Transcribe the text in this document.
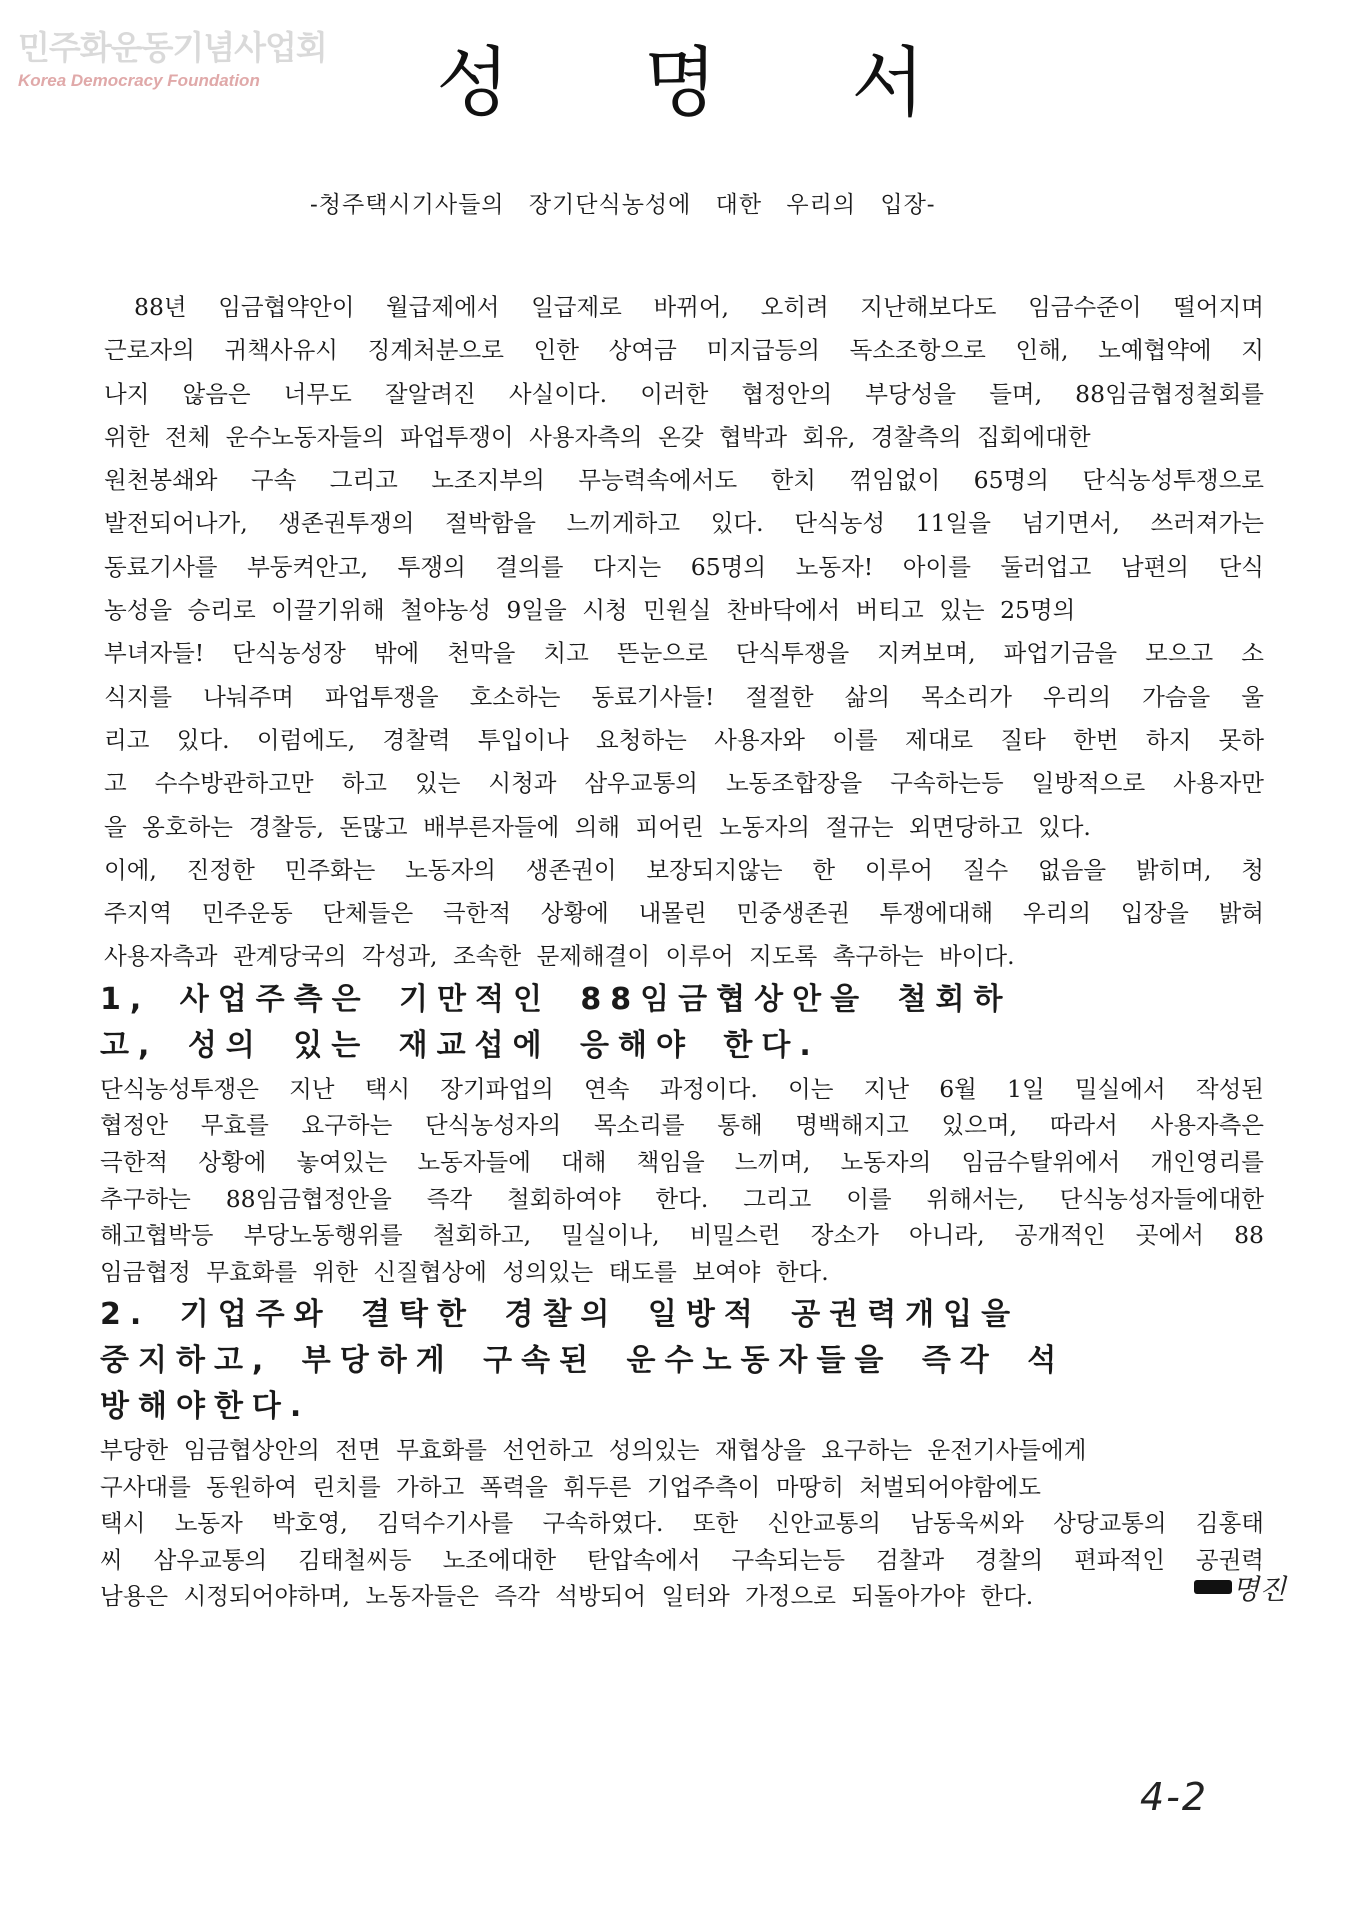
민주화운동기념사업회
Korea Democracy Foundation	성 명 서
-청주택시기사들의 장기단식농성에 대한 우리의 입장-
88년 임금협약안이 월급제에서 일급제로 바뀌어, 오히려 지난해보다도 임금수준이 떨어지며
근로자의 귀책사유시 징계처분으로 인한 상여금 미지급등의 독소조항으로 인해, 노예협약에 지
나지 않음은 너무도 잘알려진 사실이다. 이러한 협정안의 부당성을 들며, 88임금협정철회를
위한 전체 운수노동자들의 파업투쟁이 사용자측의 온갖 협박과 회유, 경찰측의 집회에대한
원천봉쇄와 구속 그리고 노조지부의 무능력속에서도 한치 꺾임없이 65명의 단식농성투쟁으로
발전되어나가, 생존권투쟁의 절박함을 느끼게하고 있다. 단식농성 11일을 넘기면서, 쓰러져가는
동료기사를 부둥켜안고, 투쟁의 결의를 다지는 65명의 노동자! 아이를 둘러업고 남편의 단식
농성을 승리로 이끌기위해 철야농성 9일을 시청 민원실 찬바닥에서 버티고 있는 25명의
부녀자들! 단식농성장 밖에 천막을 치고 뜬눈으로 단식투쟁을 지켜보며, 파업기금을 모으고 소
식지를 나눠주며 파업투쟁을 호소하는 동료기사들! 절절한 삶의 목소리가 우리의 가슴을 울
리고 있다. 이럼에도, 경찰력 투입이나 요청하는 사용자와 이를 제대로 질타 한번 하지 못하
고 수수방관하고만 하고 있는 시청과 삼우교통의 노동조합장을 구속하는등 일방적으로 사용자만
을 옹호하는 경찰등, 돈많고 배부른자들에 의해 피어린 노동자의 절규는 외면당하고 있다.
이에, 진정한 민주화는 노동자의 생존권이 보장되지않는 한 이루어 질수 없음을 밝히며, 청
주지역 민주운동 단체들은 극한적 상황에 내몰린 민중생존권 투쟁에대해 우리의 입장을 밝혀
사용자측과 관계당국의 각성과, 조속한 문제해결이 이루어 지도록 촉구하는 바이다.
1, 사업주측은 기만적인 88임금협상안을 철회하
고, 성의 있는 재교섭에 응해야 한다.
단식농성투쟁은 지난 택시 장기파업의 연속 과정이다. 이는 지난 6월 1일 밀실에서 작성된
협정안 무효를 요구하는 단식농성자의 목소리를 통해 명백해지고 있으며, 따라서 사용자측은
극한적 상황에 놓여있는 노동자들에 대해 책임을 느끼며, 노동자의 임금수탈위에서 개인영리를
추구하는 88임금협정안을 즉각 철회하여야 한다. 그리고 이를 위해서는, 단식농성자들에대한
해고협박등 부당노동행위를 철회하고, 밀실이나, 비밀스런 장소가 아니라, 공개적인 곳에서 88
임금협정 무효화를 위한 신질협상에 성의있는 태도를 보여야 한다.
2. 기업주와 결탁한 경찰의 일방적 공권력개입을
중지하고, 부당하게 구속된 운수노동자들을 즉각 석
방해야한다.
부당한 임금협상안의 전면 무효화를 선언하고 성의있는 재협상을 요구하는 운전기사들에게
구사대를 동원하여 린치를 가하고 폭력을 휘두른 기업주측이 마땅히 처벌되어야함에도
택시 노동자 박호영, 김덕수기사를 구속하였다. 또한 신안교통의 남동욱씨와 상당교통의 김홍태
씨 삼우교통의 김태철씨등 노조에대한 탄압속에서 구속되는등 검찰과 경찰의 편파적인 공권력
남용은 시정되어야하며, 노동자들은 즉각 석방되어 일터와 가정으로 되돌아가야 한다.	명진
4-2
